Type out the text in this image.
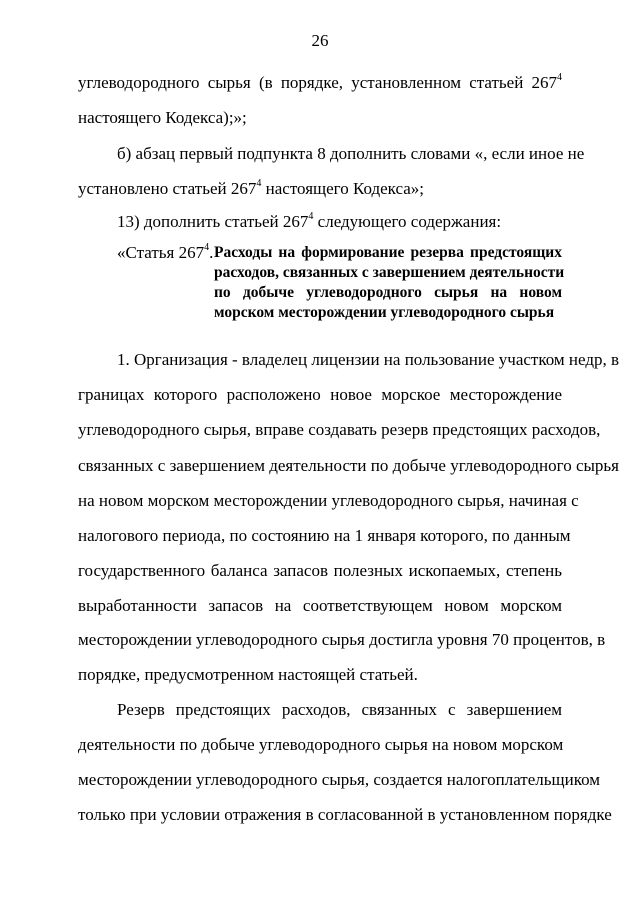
26
углеводородного сырья (в порядке, установленном статьей $267^4$
настоящего Кодекса);»;
б) абзац первый подпункта 8 дополнить словами «, если иное не
установлено статьей $267^4$ настоящего Кодекса»;
13) дополнить статьей $267^4$ следующего содержания:
«Статья $267^4$. Расходы на формирование резерва предстоящих
расходов, связанных с завершением деятельности
по добыче углеводородного сырья на новом
морском месторождении углеводородного сырья
1. Организация - владелец лицензии на пользование участком недр, в
границах которого расположено новое морское месторождение
углеводородного сырья, вправе создавать резерв предстоящих расходов,
связанных с завершением деятельности по добыче углеводородного сырья
на новом морском месторождении углеводородного сырья, начиная с
налогового периода, по состоянию на 1 января которого, по данным
государственного баланса запасов полезных ископаемых, степень
выработанности запасов на соответствующем новом морском
месторождении углеводородного сырья достигла уровня 70 процентов, в
порядке, предусмотренном настоящей статьей.
Резерв предстоящих расходов, связанных с завершением
деятельности по добыче углеводородного сырья на новом морском
месторождении углеводородного сырья, создается налогоплательщиком
только при условии отражения в согласованной в установленном порядке
